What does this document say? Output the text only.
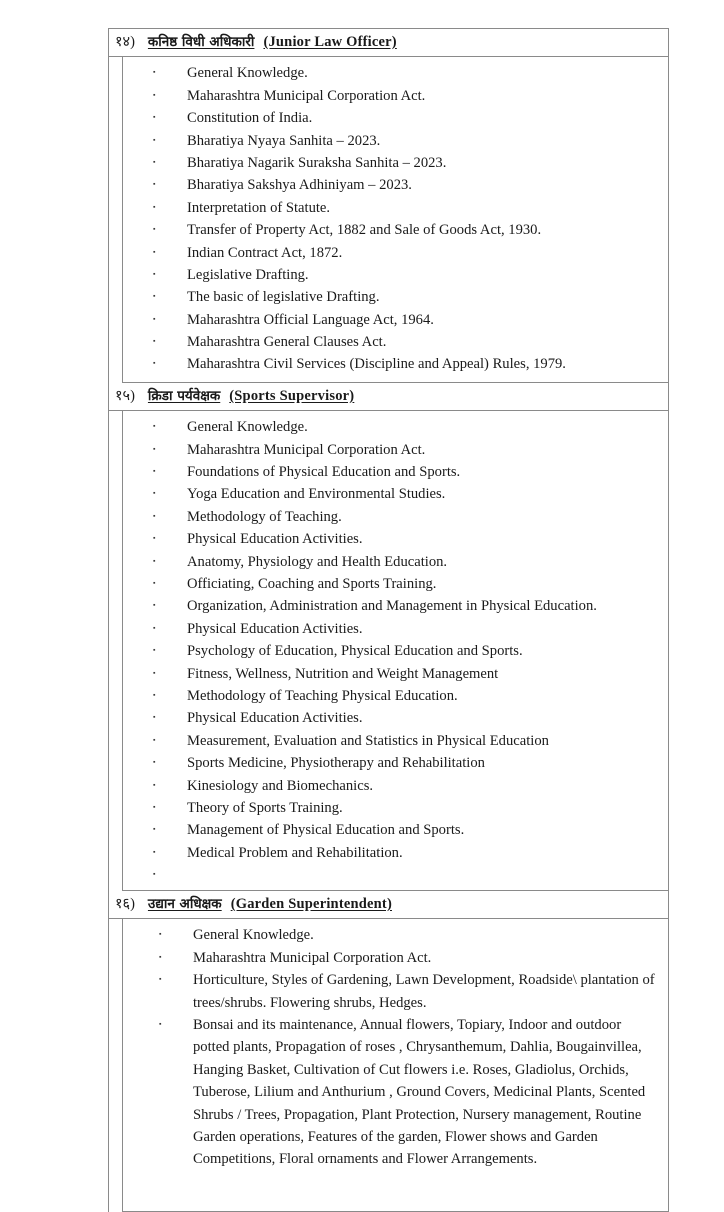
१४) कनिष्ठ विधी अधिकारी (Junior Law Officer)
▪
General Knowledge.
▪
Maharashtra Municipal Corporation Act.
▪
Constitution of India.
▪
Bharatiya Nyaya Sanhita – 2023.
▪
Bharatiya Nagarik Suraksha Sanhita – 2023.
▪
Bharatiya Sakshya Adhiniyam – 2023.
▪
Interpretation of Statute.
▪
Transfer of Property Act, 1882 and Sale of Goods Act, 1930.
▪
Indian Contract Act, 1872.
▪
Legislative Drafting.
▪
The basic of legislative Drafting.
▪
Maharashtra Official Language Act, 1964.
▪
Maharashtra General Clauses Act.
▪
Maharashtra Civil Services (Discipline and Appeal) Rules, 1979.
१५) क्रिडा पर्यवेक्षक (Sports Supervisor)
▪
General Knowledge.
▪
Maharashtra Municipal Corporation Act.
▪
Foundations of Physical Education and Sports.
▪
Yoga Education and Environmental Studies.
▪
Methodology of Teaching.
▪
Physical Education Activities.
▪
Anatomy, Physiology and Health Education.
▪
Officiating, Coaching and Sports Training.
▪
Organization, Administration and Management in Physical Education.
▪
Physical Education Activities.
▪
Psychology of Education, Physical Education and Sports.
▪
Fitness, Wellness, Nutrition and Weight Management
▪
Methodology of Teaching Physical Education.
▪
Physical Education Activities.
▪
Measurement, Evaluation and Statistics in Physical Education
▪
Sports Medicine, Physiotherapy and Rehabilitation
▪
Kinesiology and Biomechanics.
▪
Theory of Sports Training.
▪
Management of Physical Education and Sports.
▪
Medical Problem and Rehabilitation.
▪
१६) उद्यान अधिक्षक (Garden Superintendent)
▪
General Knowledge.
▪
Maharashtra Municipal Corporation Act.
▪
Horticulture, Styles of Gardening, Lawn Development, Roadside\ plantation of trees/shrubs. Flowering shrubs, Hedges.
▪
Bonsai and its maintenance, Annual flowers, Topiary, Indoor and outdoor potted plants, Propagation of roses , Chrysanthemum, Dahlia, Bougainvillea, Hanging Basket, Cultivation of Cut flowers i.e. Roses, Gladiolus, Orchids, Tuberose, Lilium and Anthurium , Ground Covers, Medicinal Plants, Scented Shrubs / Trees, Propagation, Plant Protection, Nursery management, Routine Garden operations, Features of the garden, Flower shows and Garden Competitions, Floral ornaments and Flower Arrangements.
